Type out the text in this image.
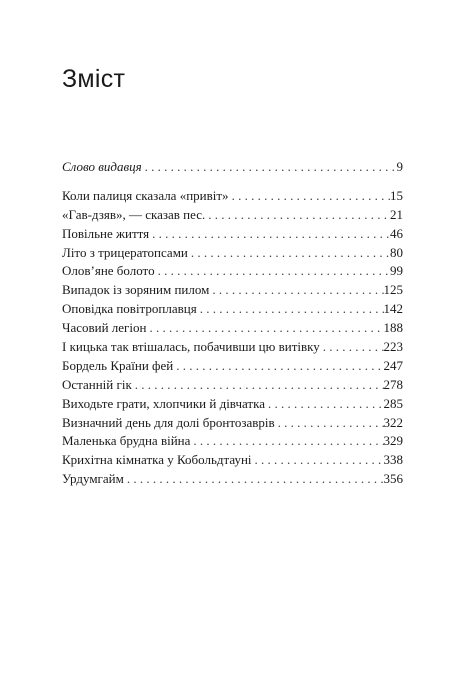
Зміст
Слово видавця . . .	9
Коли палиця сказала «привіт» . . .	15
«Гав-дзяв», — сказав пес. . . .	21
Повільне життя . . .	46
Літо з трицератопсами . . .	80
Олов’яне болото . . .	99
Випадок із зоряним пилом . . .	125
Оповідка повітроплавця . . .	142
Часовий легіон . . .	188
І кицька так втішалась, побачивши цю витівку . . .	223
Бордель Країни фей . . .	247
Останній гік . . .	278
Виходьте грати, хлопчики й дівчатка . . .	285
Визначний день для долі бронтозаврів . . .	322
Маленька брудна війна . . .	329
Крихітна кімнатка у Кобольдтауні . . .	338
Урдумгайм . . .	356
